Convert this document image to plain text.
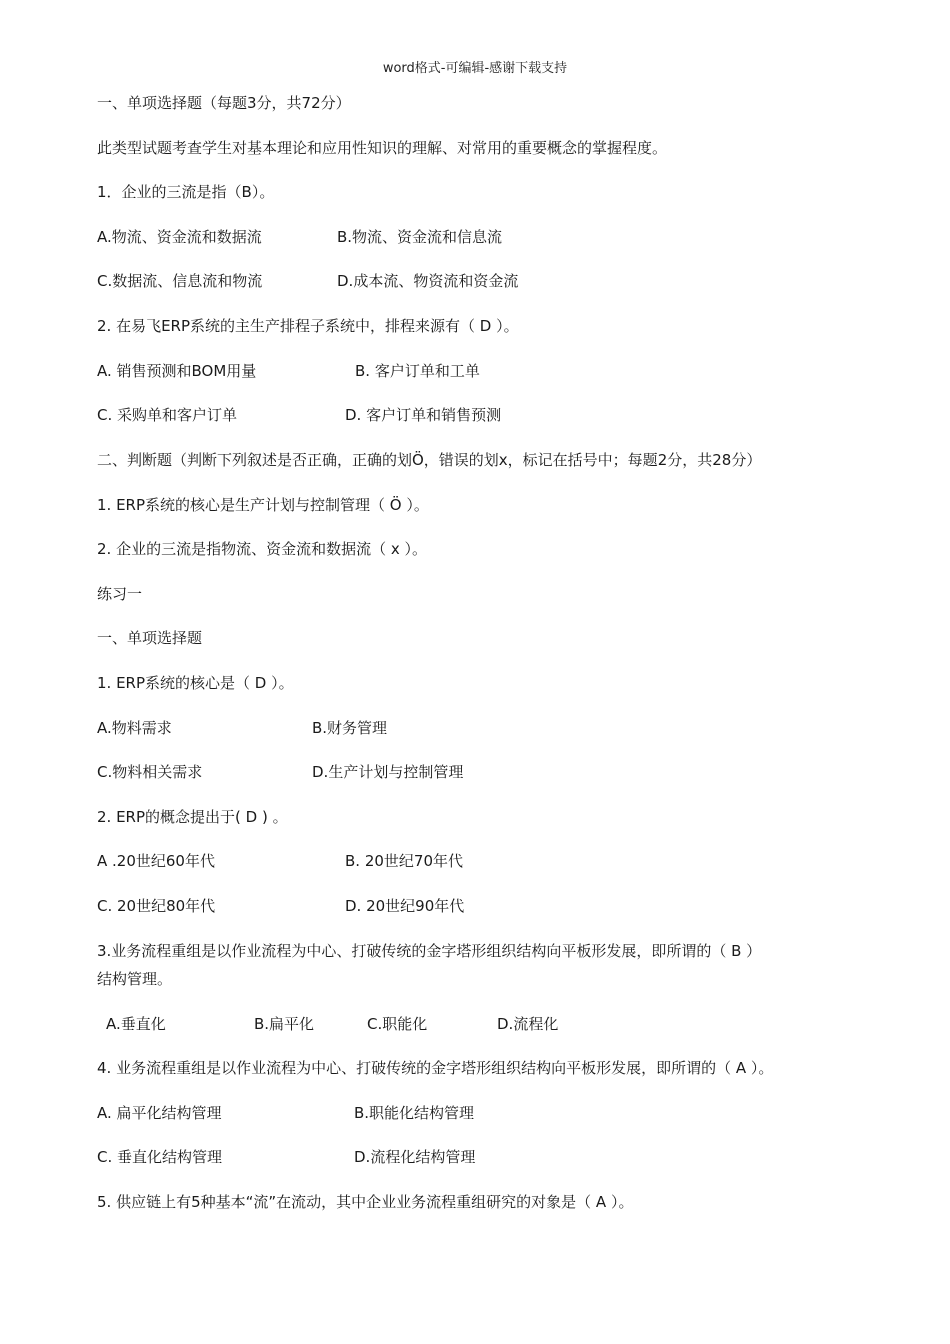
word格式-可编辑-感谢下载支持
一、单项选择题（每题3分，共72分）
此类型试题考查学生对基本理论和应用性知识的理解、对常用的重要概念的掌握程度。
1．企业的三流是指（B）。
A.物流、资金流和数据流	B.物流、资金流和信息流
C.数据流、信息流和物流	D.成本流、物资流和资金流
2. 在易飞ERP系统的主生产排程子系统中，排程来源有（ D ）。
A. 销售预测和BOM用量	B. 客户订单和工单
C. 采购单和客户订单	D. 客户订单和销售预测
二、判断题（判断下列叙述是否正确，正确的划Ö，错误的划х，标记在括号中；每题2分，共28分）
1. ERP系统的核心是生产计划与控制管理（ Ö ）。
2. 企业的三流是指物流、资金流和数据流（ х ）。
练习一
一、单项选择题
1. ERP系统的核心是（ D ）。
A.物料需求	B.财务管理
C.物料相关需求	D.生产计划与控制管理
2. ERP的概念提出于( D ) 。
A .20世纪60年代	B. 20世纪70年代
C. 20世纪80年代	D. 20世纪90年代
3.业务流程重组是以作业流程为中心、打破传统的金字塔形组织结构向平板形发展，即所谓的（ B ）
结构管理。
A.垂直化	B.扁平化	C.职能化	D.流程化
4. 业务流程重组是以作业流程为中心、打破传统的金字塔形组织结构向平板形发展，即所谓的（ A ）。
A. 扁平化结构管理	B.职能化结构管理
C. 垂直化结构管理	D.流程化结构管理
5. 供应链上有5种基本“流”在流动，其中企业业务流程重组研究的对象是（ A ）。
